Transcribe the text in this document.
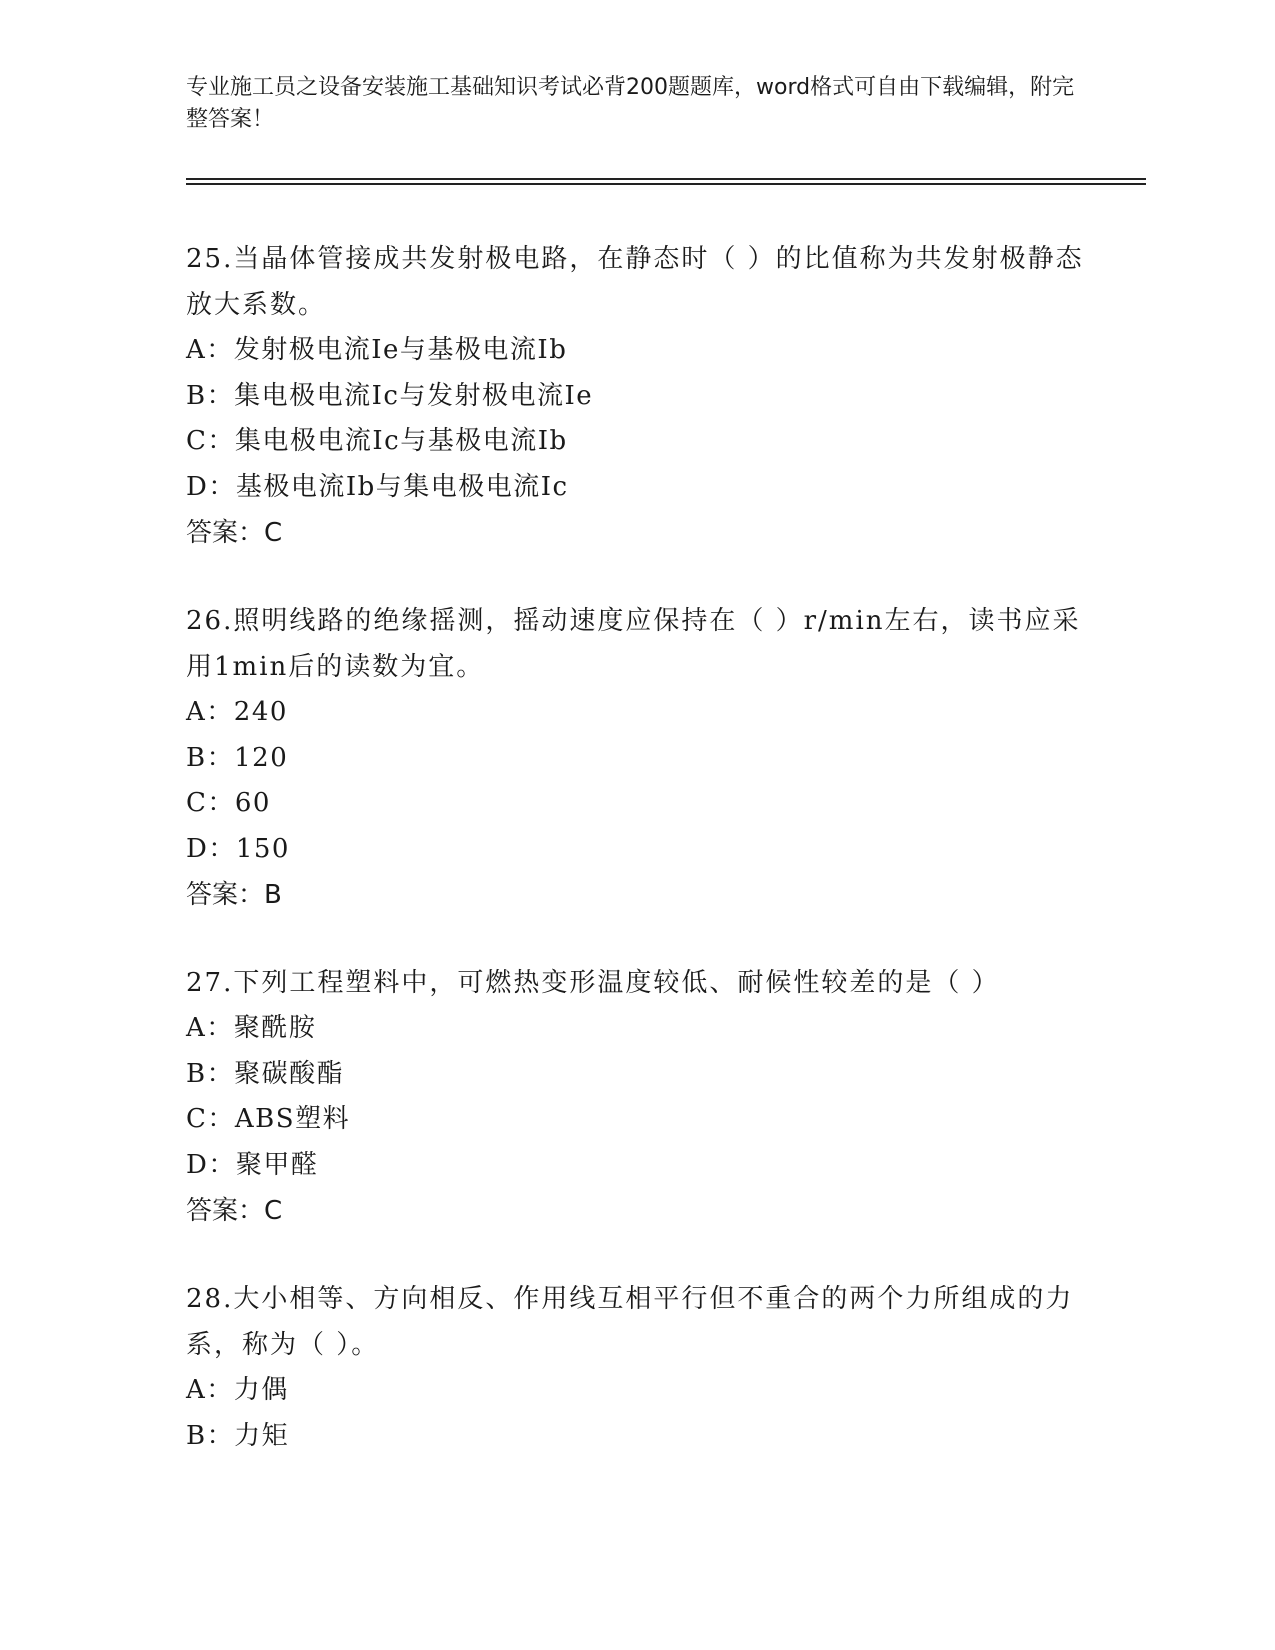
专业施工员之设备安装施工基础知识考试必背200题题库，word格式可自由下载编辑，附完整答案！

25.当晶体管接成共发射极电路，在静态时（ ）的比值称为共发射极静态放大系数。

A：发射极电流Ie与基极电流Ib

B：集电极电流Ic与发射极电流Ie

C：集电极电流Ic与基极电流Ib

D：基极电流Ib与集电极电流Ic

答案：C

26.照明线路的绝缘摇测，摇动速度应保持在（ ）r/min左右，读书应采用1min后的读数为宜。

A：240

B：120

C：60

D：150

答案：B

27.下列工程塑料中，可燃热变形温度较低、耐候性较差的是（ ）

A：聚酰胺

B：聚碳酸酯

C：ABS塑料

D：聚甲醛

答案：C

28.大小相等、方向相反、作用线互相平行但不重合的两个力所组成的力系，称为（ ）。

A：力偶

B：力矩
